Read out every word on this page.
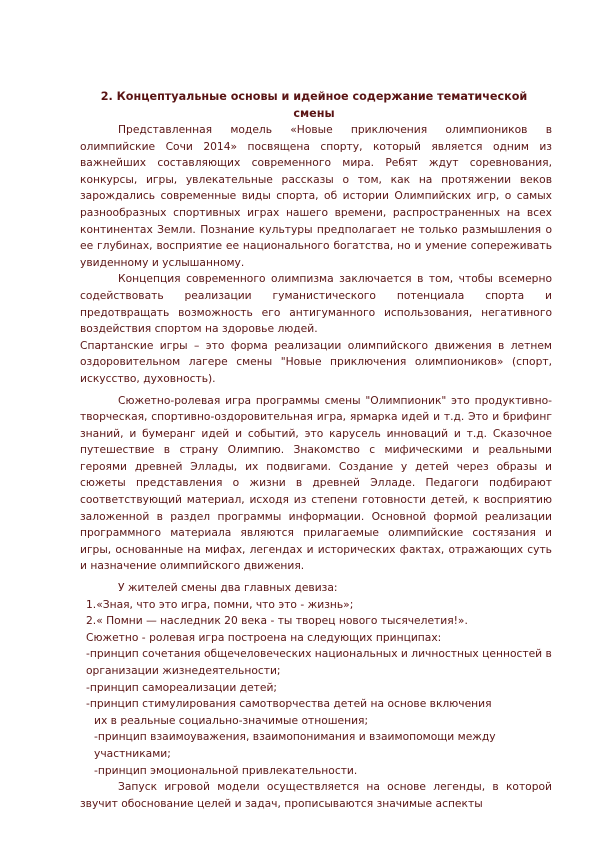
2. Концептуальные основы и идейное содержание тематической смены

Представленная модель «Новые приключения олимпиоников в олимпийские Сочи 2014» посвящена спорту, который является одним из важнейших составляющих современного мира. Ребят ждут соревнования, конкурсы, игры, увлекательные рассказы о том, как на протяжении веков зарождались современные виды спорта, об истории Олимпийских игр, о самых разнообразных спортивных играх нашего времени, распространенных на всех континентах Земли. Познание культуры предполагает не только размышления о ее глубинах, восприятие ее национального богатства, но и умение сопереживать увиденному и услышанному.

Концепция современного олимпизма заключается в том, чтобы всемерно содействовать реализации гуманистического потенциала спорта и предотвращать возможность его антигуманного использования, негативного воздействия спортом на здоровье людей.

Спартанские игры – это форма реализации олимпийского движения в летнем оздоровительном лагере смены "Новые приключения олимпиоников» (спорт, искусство, духовность).

Сюжетно-ролевая игра программы смены "Олимпионик" это продуктивно- творческая, спортивно-оздоровительная игра, ярмарка идей и т.д. Это и брифинг знаний, и бумеранг идей и событий, это карусель инноваций и т.д. Сказочное путешествие в страну Олимпию. Знакомство с мифическими и реальными героями древней Эллады, их подвигами. Создание у детей через образы и сюжеты представления о жизни в древней Элладе. Педагоги подбирают соответствующий материал, исходя из степени готовности детей, к восприятию заложенной в раздел программы информации. Основной формой реализации программного материала являются прилагаемые олимпийские состязания и игры, основанные на мифах, легендах и исторических фактах, отражающих суть и назначение олимпийского движения.

У жителей смены два главных девиза:

1.«Зная, что это игра, помни, что это - жизнь»;

2.« Помни — наследник 20 века - ты творец нового тысячелетия!».

Сюжетно - ролевая игра построена на следующих принципах:

-принцип сочетания общечеловеческих национальных и личностных ценностей в организации жизнедеятельности;

-принцип самореализации детей;

-принцип стимулирования самотворчества детей на основе включения

их в реальные социально-значимые отношения;

-принцип взаимоуважения, взаимопонимания и взаимопомощи между участниками;

-принцип эмоциональной привлекательности.

Запуск игровой модели осуществляется на основе легенды, в которой звучит обоснование целей и задач, прописываются значимые аспекты
